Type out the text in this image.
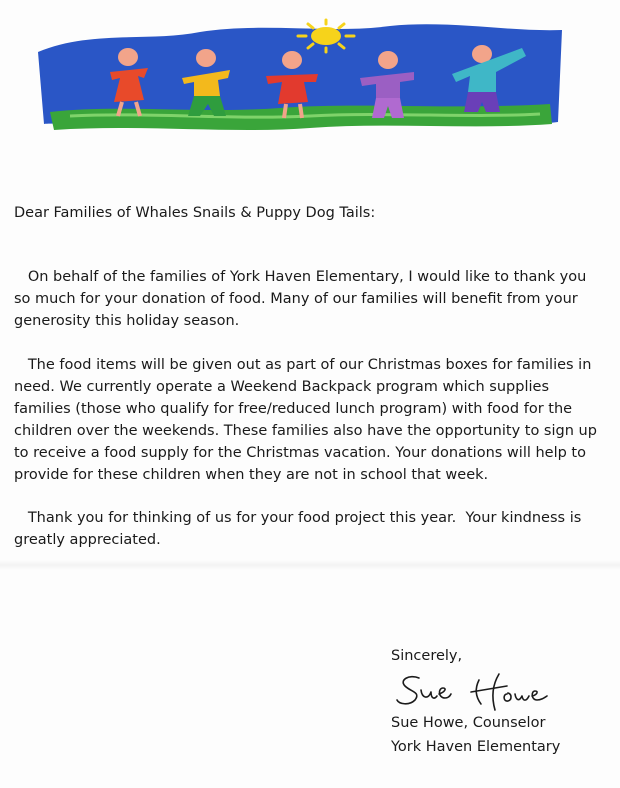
Dear Families of Whales Snails & Puppy Dog Tails:
On behalf of the families of York Haven Elementary, I would like to thank you
so much for your donation of food. Many of our families will benefit from your
generosity this holiday season.
The food items will be given out as part of our Christmas boxes for families in
need. We currently operate a Weekend Backpack program which supplies
families (those who qualify for free/reduced lunch program) with food for the
children over the weekends. These families also have the opportunity to sign up
to receive a food supply for the Christmas vacation. Your donations will help to
provide for these children when they are not in school that week.
Thank you for thinking of us for your food project this year.  Your kindness is
greatly appreciated.
Sincerely,
Sue Howe, Counselor
York Haven Elementary
